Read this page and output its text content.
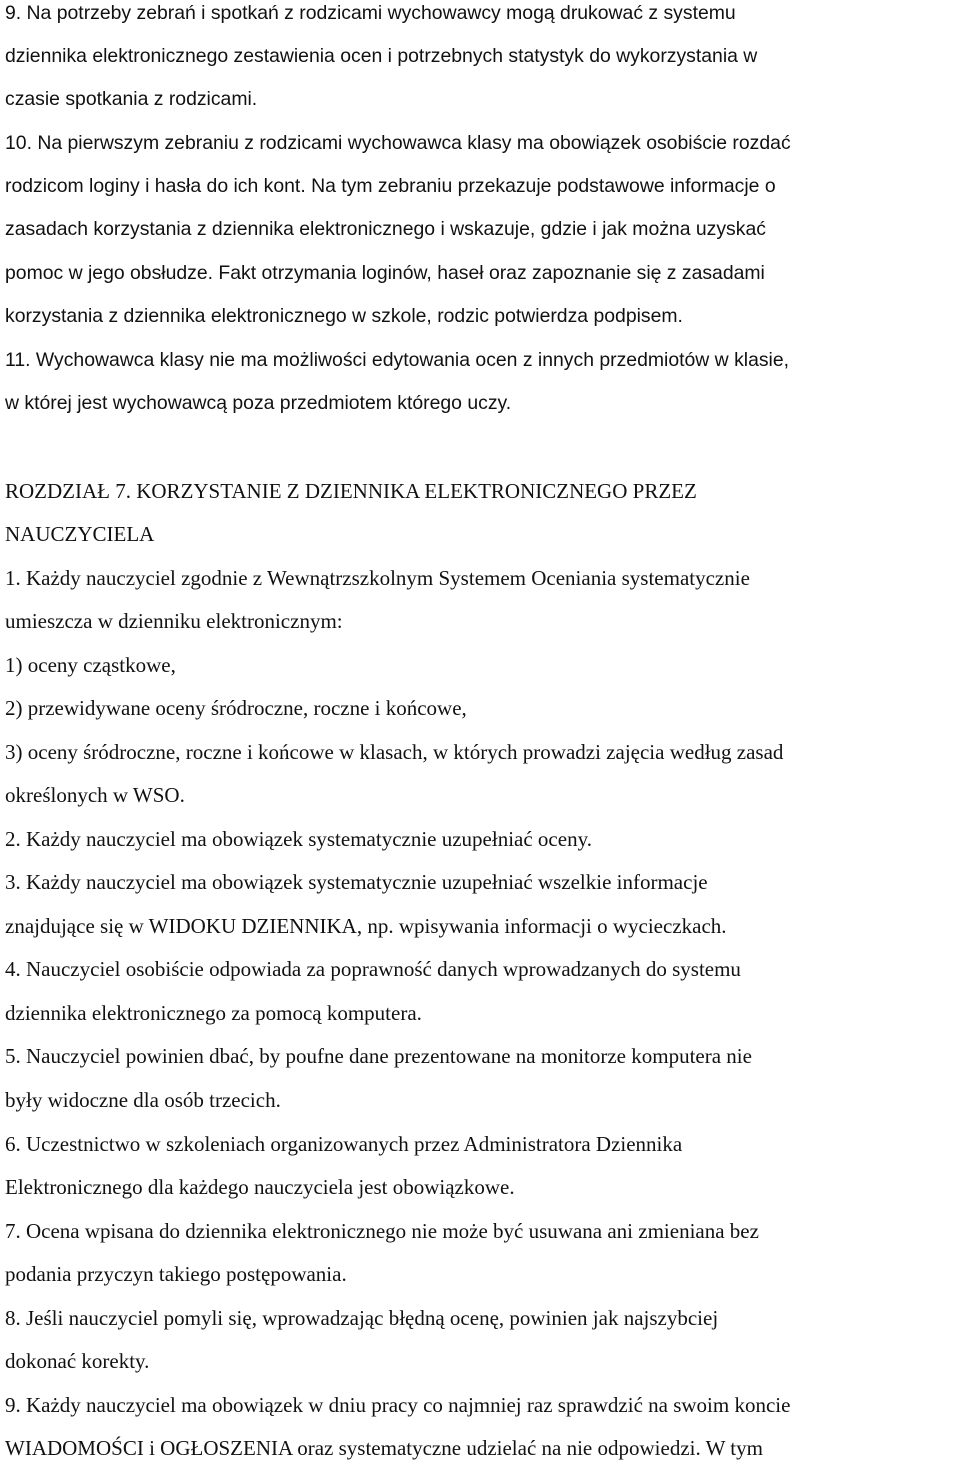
9. Na potrzeby zebrań i spotkań z rodzicami wychowawcy mogą drukować z systemu
dziennika elektronicznego zestawienia ocen i potrzebnych statystyk do wykorzystania w
czasie spotkania z rodzicami.
10. Na pierwszym zebraniu z rodzicami wychowawca klasy ma obowiązek osobiście rozdać
rodzicom loginy i hasła do ich kont. Na tym zebraniu przekazuje podstawowe informacje o
zasadach korzystania z dziennika elektronicznego i wskazuje, gdzie i jak można uzyskać
pomoc w jego obsłudze. Fakt otrzymania loginów, haseł oraz zapoznanie się z zasadami
korzystania z dziennika elektronicznego w szkole, rodzic potwierdza podpisem.
11. Wychowawca klasy nie ma możliwości edytowania ocen z innych przedmiotów w klasie,
w której jest wychowawcą poza przedmiotem którego uczy.
ROZDZIAŁ 7. KORZYSTANIE Z DZIENNIKA ELEKTRONICZNEGO PRZEZ
NAUCZYCIELA
1. Każdy nauczyciel zgodnie z Wewnątrzszkolnym Systemem Oceniania systematycznie
umieszcza w dzienniku elektronicznym:
1) oceny cząstkowe,
2) przewidywane oceny śródroczne, roczne i końcowe,
3) oceny śródroczne, roczne i końcowe w klasach, w których prowadzi zajęcia według zasad
określonych w WSO.
2. Każdy nauczyciel ma obowiązek systematycznie uzupełniać oceny.
3. Każdy nauczyciel ma obowiązek systematycznie uzupełniać wszelkie informacje
znajdujące się w WIDOKU DZIENNIKA, np. wpisywania informacji o wycieczkach.
4. Nauczyciel osobiście odpowiada za poprawność danych wprowadzanych do systemu
dziennika elektronicznego za pomocą komputera.
5. Nauczyciel powinien dbać, by poufne dane prezentowane na monitorze komputera nie
były widoczne dla osób trzecich.
6. Uczestnictwo w szkoleniach organizowanych przez Administratora Dziennika
Elektronicznego dla każdego nauczyciela jest obowiązkowe.
7. Ocena wpisana do dziennika elektronicznego nie może być usuwana ani zmieniana bez
podania przyczyn takiego postępowania.
8. Jeśli nauczyciel pomyli się, wprowadzając błędną ocenę, powinien jak najszybciej
dokonać korekty.
9. Każdy nauczyciel ma obowiązek w dniu pracy co najmniej raz sprawdzić na swoim koncie
WIADOMOŚCI i OGŁOSZENIA oraz systematyczne udzielać na nie odpowiedzi. W tym
